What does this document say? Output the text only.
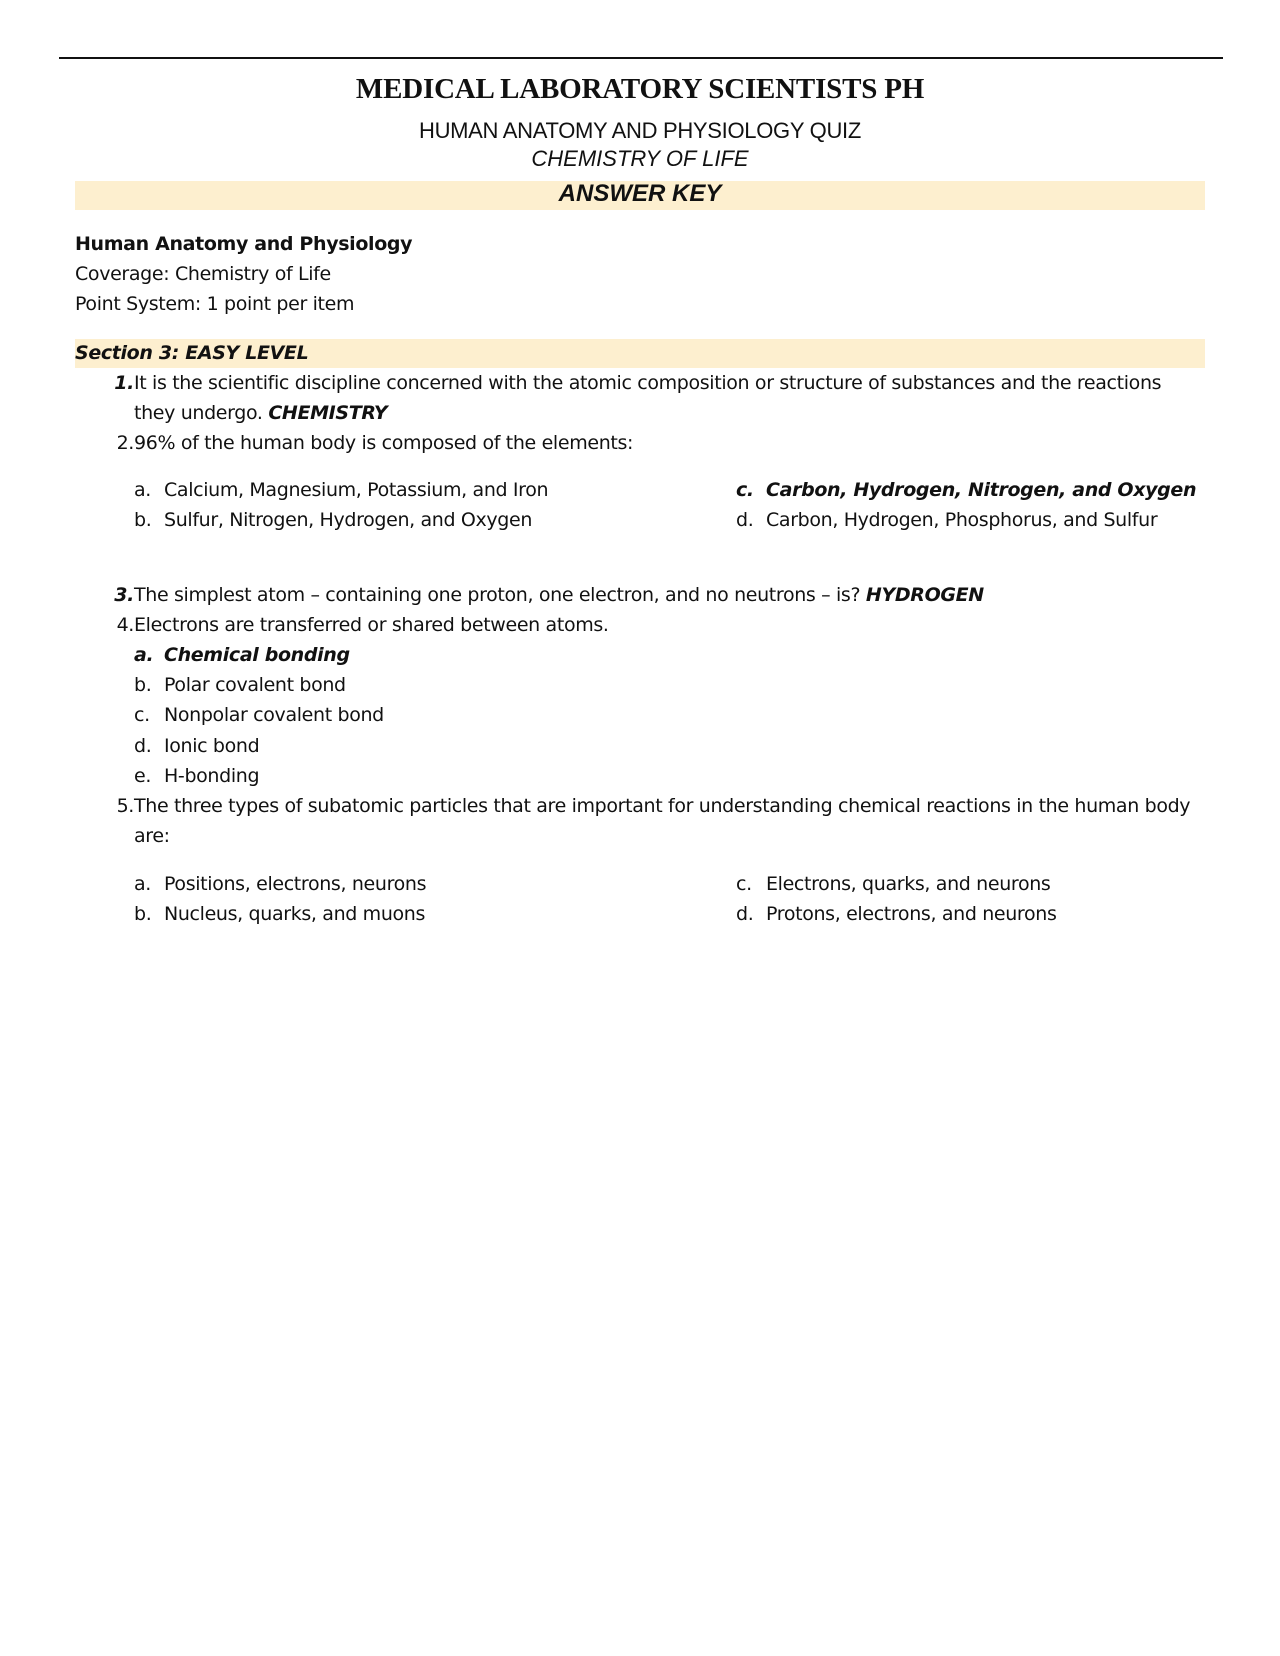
MEDICAL LABORATORY SCIENTISTS PH
HUMAN ANATOMY AND PHYSIOLOGY QUIZ
CHEMISTRY OF LIFE
ANSWER KEY
Human Anatomy and Physiology
Coverage: Chemistry of Life
Point System: 1 point per item
Section 3: EASY LEVEL
1. It is the scientific discipline concerned with the atomic composition or structure of substances and the reactions
they undergo. CHEMISTRY
2. 96% of the human body is composed of the elements:
a. Calcium, Magnesium, Potassium, and Iron
b. Sulfur, Nitrogen, Hydrogen, and Oxygen
c. Carbon, Hydrogen, Nitrogen, and Oxygen
d. Carbon, Hydrogen, Phosphorus, and Sulfur
3. The simplest atom – containing one proton, one electron, and no neutrons – is? HYDROGEN
4. Electrons are transferred or shared between atoms.
a. Chemical bonding
b. Polar covalent bond
c. Nonpolar covalent bond
d. Ionic bond
e. H-bonding
5. The three types of subatomic particles that are important for understanding chemical reactions in the human body
are:
a. Positions, electrons, neurons
b. Nucleus, quarks, and muons
c. Electrons, quarks, and neurons
d. Protons, electrons, and neurons
